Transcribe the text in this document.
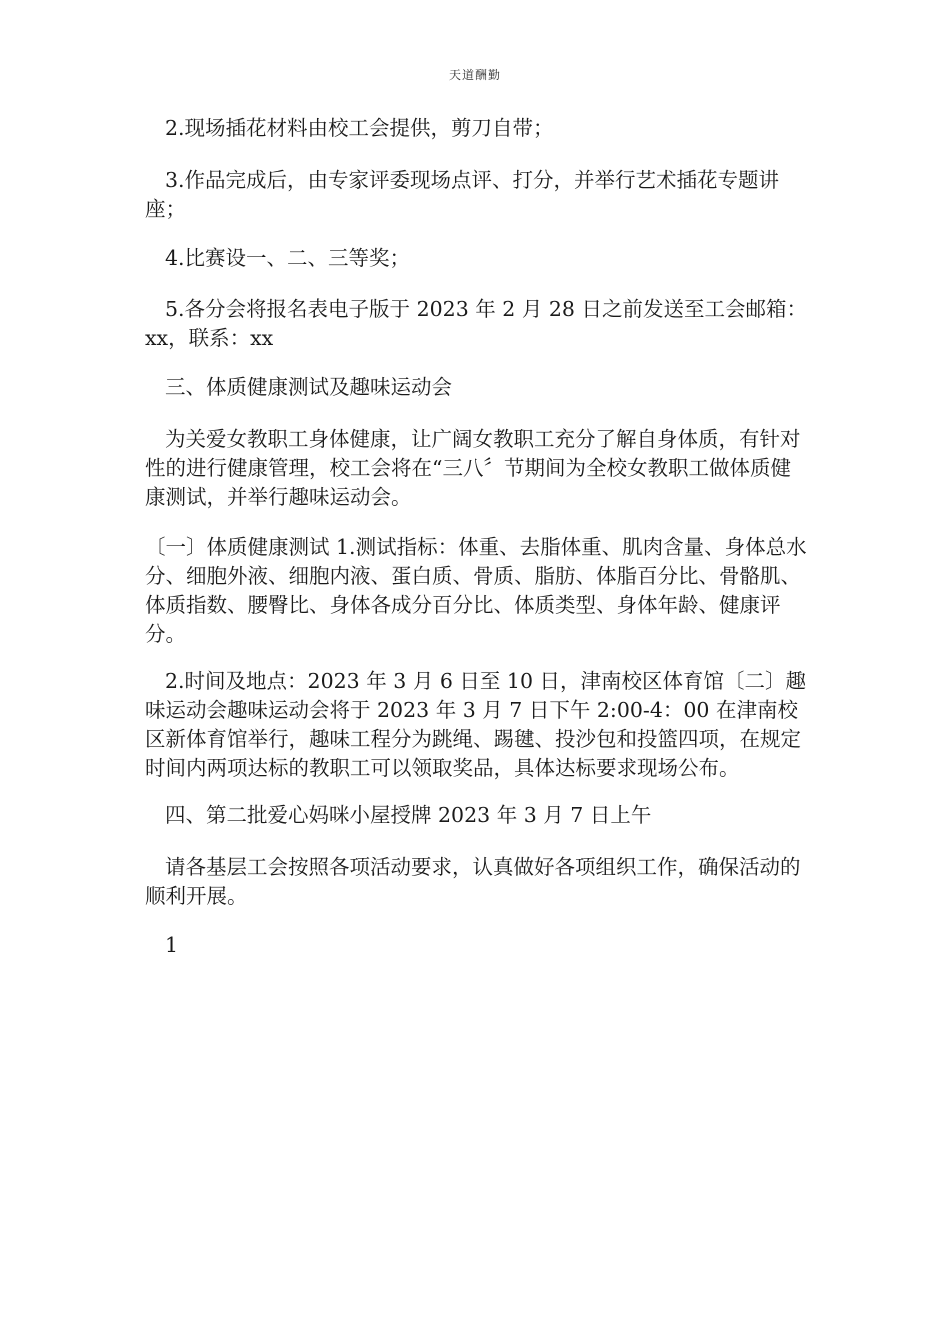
天道酬勤

2.现场插花材料由校工会提供，剪刀自带；

3.作品完成后，由专家评委现场点评、打分，并举行艺术插花专题讲座；

4.比赛设一、二、三等奖；

5.各分会将报名表电子版于 2023 年 2 月 28 日之前发送至工会邮箱：xx，联系：xx

三、体质健康测试及趣味运动会

为关爱女教职工身体健康，让广阔女教职工充分了解自身体质，有针对性的进行健康管理，校工会将在“三八〞节期间为全校女教职工做体质健康测试，并举行趣味运动会。

〔一〕体质健康测试 1.测试指标：体重、去脂体重、肌肉含量、身体总水分、细胞外液、细胞内液、蛋白质、骨质、脂肪、体脂百分比、骨骼肌、体质指数、腰臀比、身体各成分百分比、体质类型、身体年龄、健康评分。

2.时间及地点：2023 年 3 月 6 日至 10 日，津南校区体育馆〔二〕趣味运动会趣味运动会将于 2023 年 3 月 7 日下午 2:00-4：00 在津南校区新体育馆举行，趣味工程分为跳绳、踢毽、投沙包和投篮四项，在规定时间内两项达标的教职工可以领取奖品，具体达标要求现场公布。

四、第二批爱心妈咪小屋授牌 2023 年 3 月 7 日上午

请各基层工会按照各项活动要求，认真做好各项组织工作，确保活动的顺利开展。

1
